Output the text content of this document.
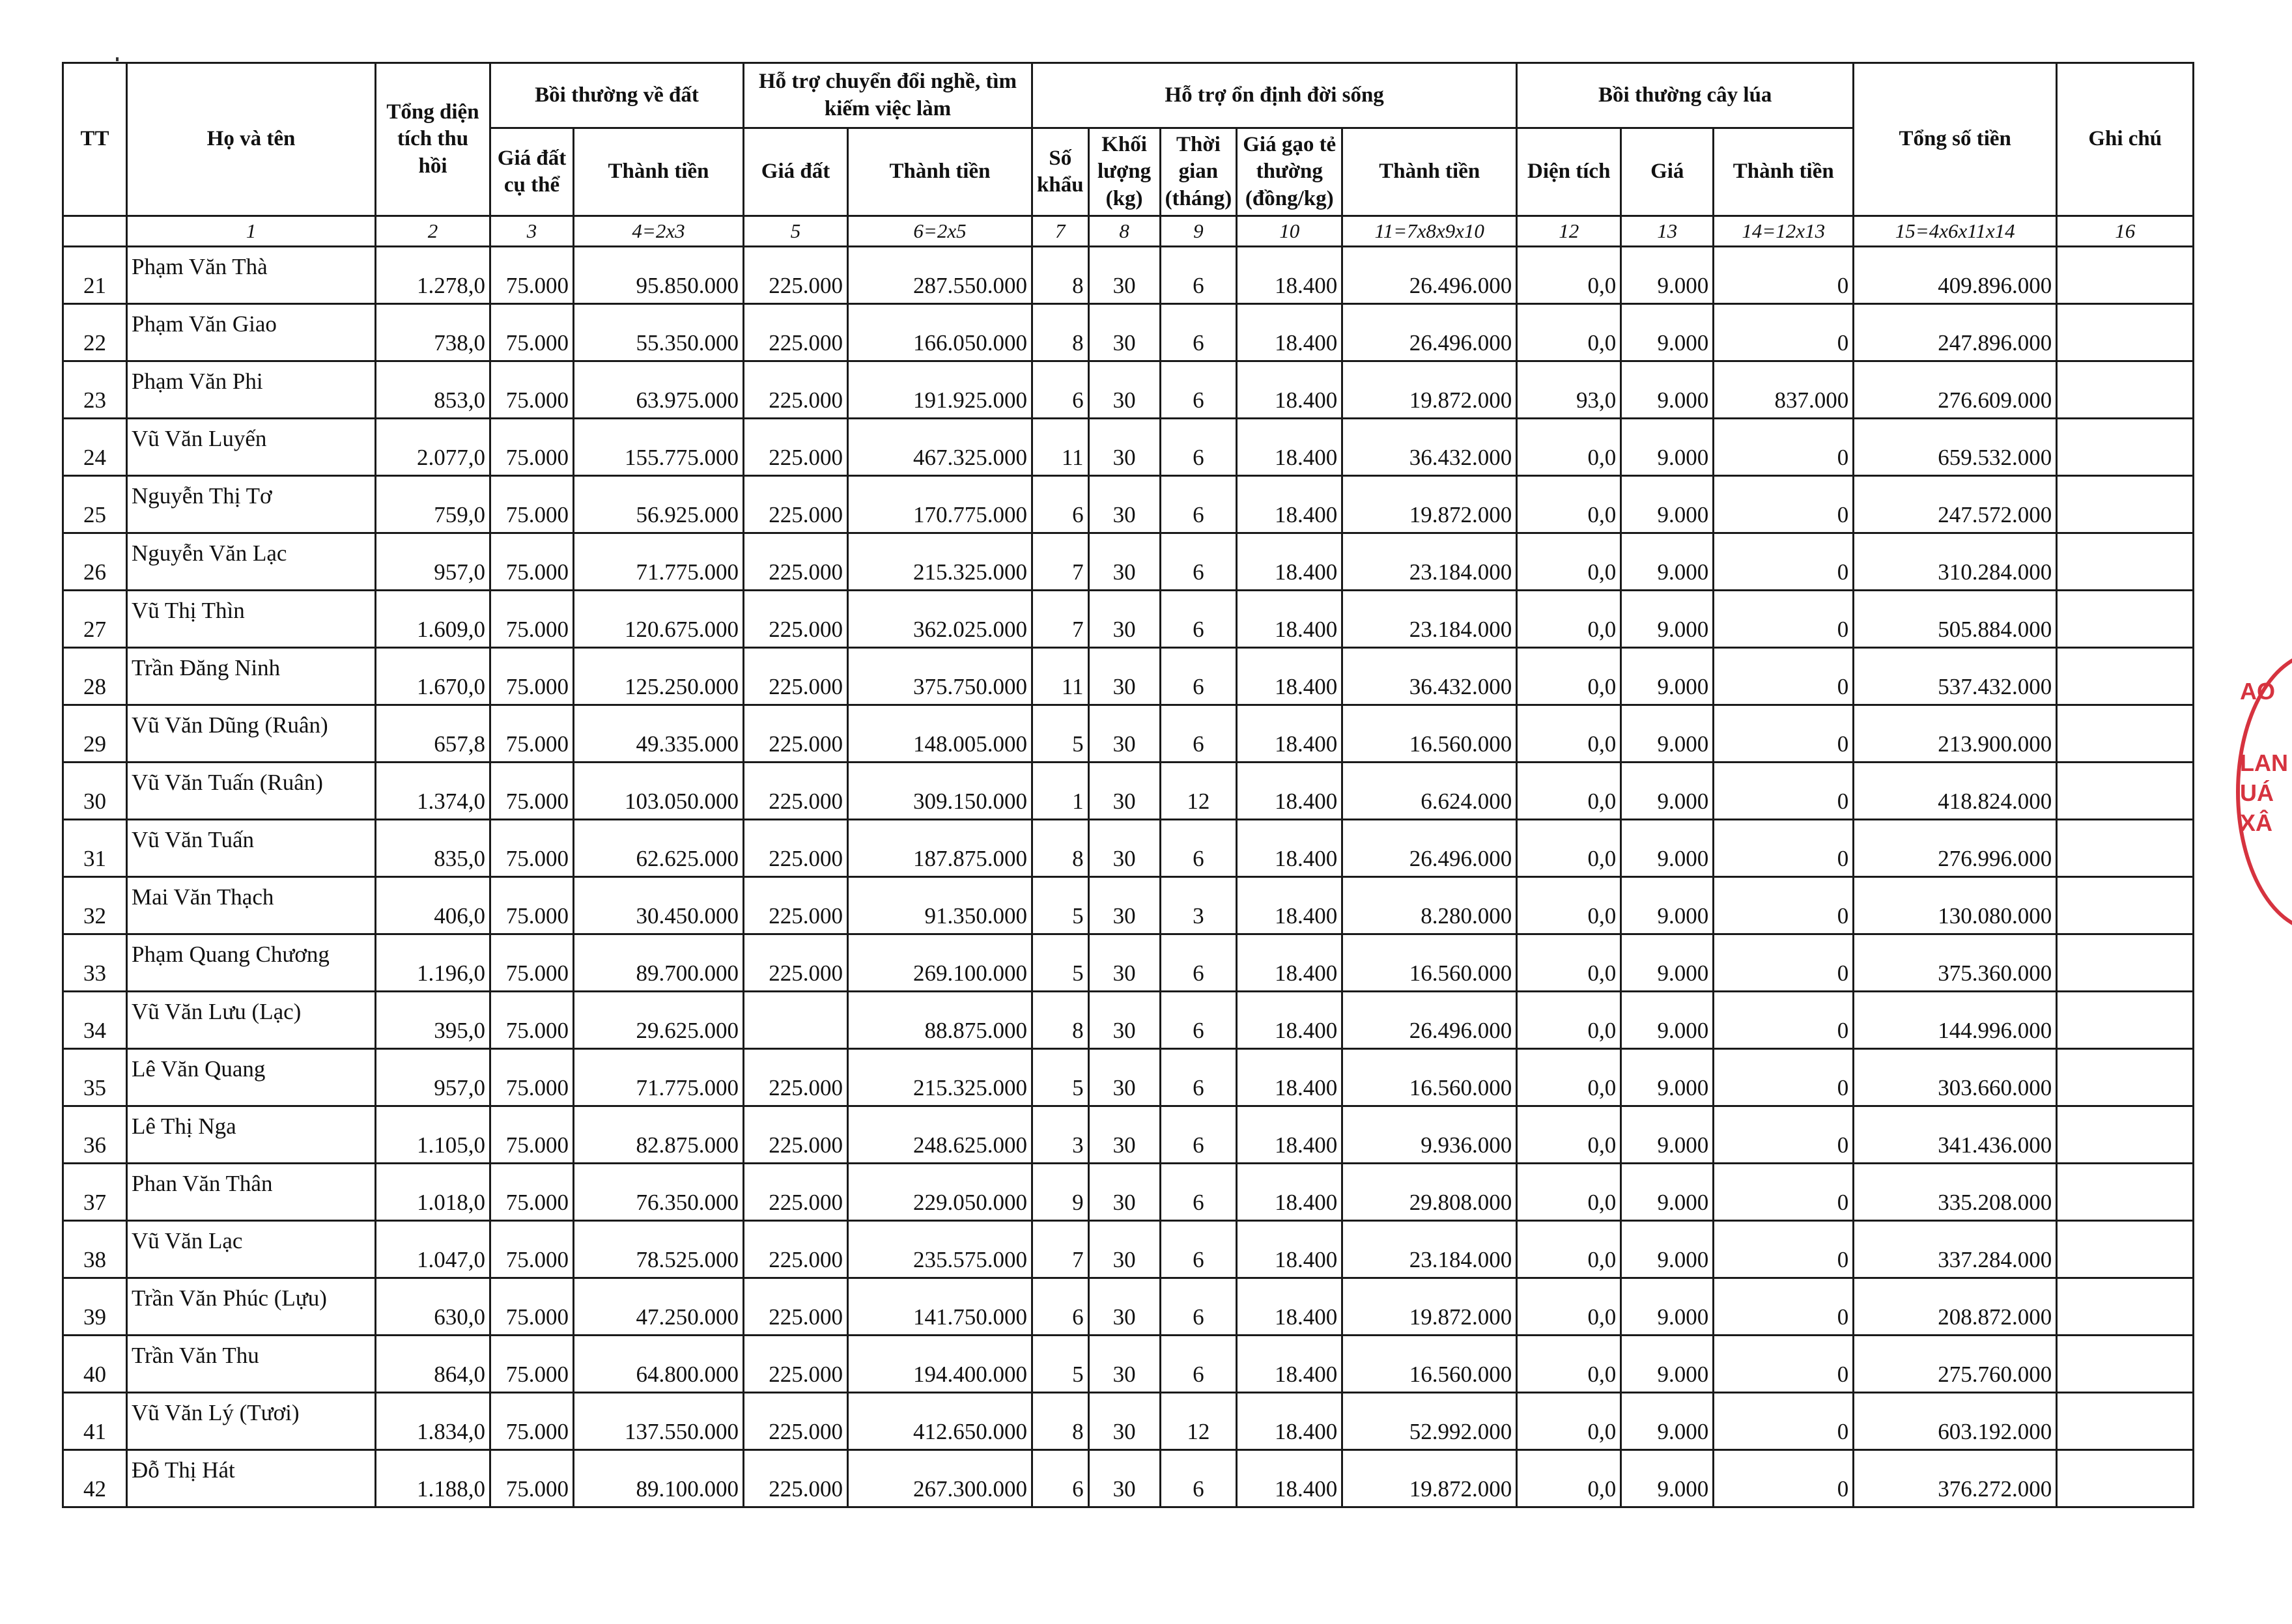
TT	Họ và tên	Tổng diện tích thu hồi	Bồi thường về đất		Hỗ trợ chuyển đổi nghề, tìm kiếm việc làm		Hỗ trợ ổn định đời sống					Bồi thường cây lúa			Tổng số tiền	Ghi chú
			Giá đất cụ thể	Thành tiền	Giá đất	Thành tiền	Số khẩu	Khối lượng (kg)	Thời gian (tháng)	Giá gạo tẻ thường (đồng/kg)	Thành tiền	Diện tích	Giá	Thành tiền		
	1	2	3	4=2x3	5	6=2x5	7	8	9	10	11=7x8x9x10	12	13	14=12x13	15=4x6x11x14	16
21	Phạm Văn Thà	1.278,0	75.000	95.850.000	225.000	287.550.000	8	30	6	18.400	26.496.000	0,0	9.000	0	409.896.000	
22	Phạm Văn Giao	738,0	75.000	55.350.000	225.000	166.050.000	8	30	6	18.400	26.496.000	0,0	9.000	0	247.896.000	
23	Phạm Văn Phi	853,0	75.000	63.975.000	225.000	191.925.000	6	30	6	18.400	19.872.000	93,0	9.000	837.000	276.609.000	
24	Vũ Văn Luyến	2.077,0	75.000	155.775.000	225.000	467.325.000	11	30	6	18.400	36.432.000	0,0	9.000	0	659.532.000	
25	Nguyễn Thị Tơ	759,0	75.000	56.925.000	225.000	170.775.000	6	30	6	18.400	19.872.000	0,0	9.000	0	247.572.000	
26	Nguyễn Văn Lạc	957,0	75.000	71.775.000	225.000	215.325.000	7	30	6	18.400	23.184.000	0,0	9.000	0	310.284.000	
27	Vũ Thị Thìn	1.609,0	75.000	120.675.000	225.000	362.025.000	7	30	6	18.400	23.184.000	0,0	9.000	0	505.884.000	
28	Trần Đăng Ninh	1.670,0	75.000	125.250.000	225.000	375.750.000	11	30	6	18.400	36.432.000	0,0	9.000	0	537.432.000	
29	Vũ Văn Dũng (Ruân)	657,8	75.000	49.335.000	225.000	148.005.000	5	30	6	18.400	16.560.000	0,0	9.000	0	213.900.000	
30	Vũ Văn Tuấn (Ruân)	1.374,0	75.000	103.050.000	225.000	309.150.000	1	30	12	18.400	6.624.000	0,0	9.000	0	418.824.000	
31	Vũ Văn Tuấn	835,0	75.000	62.625.000	225.000	187.875.000	8	30	6	18.400	26.496.000	0,0	9.000	0	276.996.000	
32	Mai Văn Thạch	406,0	75.000	30.450.000	225.000	91.350.000	5	30	3	18.400	8.280.000	0,0	9.000	0	130.080.000	
33	Phạm Quang Chương	1.196,0	75.000	89.700.000	225.000	269.100.000	5	30	6	18.400	16.560.000	0,0	9.000	0	375.360.000	
34	Vũ Văn Lưu (Lạc)	395,0	75.000	29.625.000		88.875.000	8	30	6	18.400	26.496.000	0,0	9.000	0	144.996.000	
35	Lê Văn Quang	957,0	75.000	71.775.000	225.000	215.325.000	5	30	6	18.400	16.560.000	0,0	9.000	0	303.660.000	
36	Lê Thị Nga	1.105,0	75.000	82.875.000	225.000	248.625.000	3	30	6	18.400	9.936.000	0,0	9.000	0	341.436.000	
37	Phan Văn Thân	1.018,0	75.000	76.350.000	225.000	229.050.000	9	30	6	18.400	29.808.000	0,0	9.000	0	335.208.000	
38	Vũ Văn Lạc	1.047,0	75.000	78.525.000	225.000	235.575.000	7	30	6	18.400	23.184.000	0,0	9.000	0	337.284.000	
39	Trần Văn Phúc (Lựu)	630,0	75.000	47.250.000	225.000	141.750.000	6	30	6	18.400	19.872.000	0,0	9.000	0	208.872.000	
40	Trần Văn Thu	864,0	75.000	64.800.000	225.000	194.400.000	5	30	6	18.400	16.560.000	0,0	9.000	0	275.760.000	
41	Vũ Văn Lý (Tươi)	1.834,0	75.000	137.550.000	225.000	412.650.000	8	30	12	18.400	52.992.000	0,0	9.000	0	603.192.000	
42	Đỗ Thị Hát	1.188,0	75.000	89.100.000	225.000	267.300.000	6	30	6	18.400	19.872.000	0,0	9.000	0	376.272.000	
AO
LAN
UÁ
XÂ
